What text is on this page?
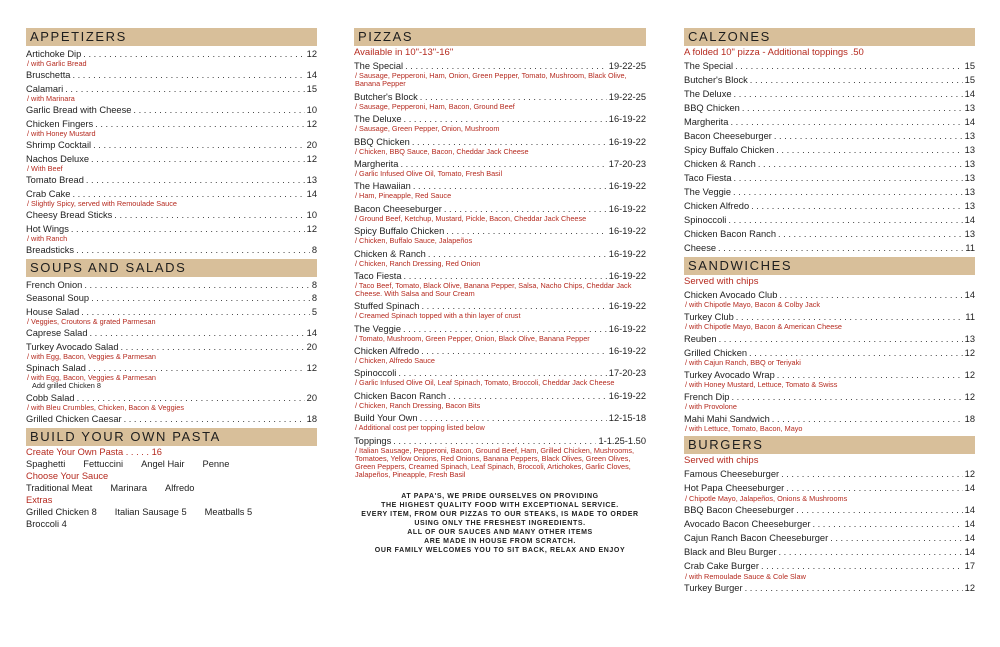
APPETIZERS
Artichoke Dip . . .	12
/ with Garlic Bread
Bruschetta . . .	14
Calamari . . .	15
/ with Marinara
Garlic Bread with Cheese . . .	10
Chicken Fingers . . .	12
/ with Honey Mustard
Shrimp Cocktail . . .	20
Nachos Deluxe . . .	12
/ With Beef
Tomato Bread . . .	13
Crab Cake . . .	14
/ Slightly Spicy, served with Remoulade Sauce
Cheesy Bread Sticks . . .	10
Hot Wings . . .	12
/ with Ranch
Breadsticks . . .	8
SOUPS AND SALADS
French Onion . . .	8
Seasonal Soup . . .	8
House Salad . . .	5
/ Veggies, Croutons & grated Parmesan
Caprese Salad . . .	14
Turkey Avocado Salad . . .	20
/ with Egg, Bacon, Veggies & Parmesan
Spinach Salad . . .	12
/ with Egg, Bacon, Veggies & Parmesan
Add grilled Chicken 8
Cobb Salad . . .	20
/ with Bleu Crumbles, Chicken, Bacon & Veggies
Grilled Chicken Caesar . . .	18
BUILD YOUR OWN PASTA
Create Your Own Pasta . . . . . 16
Spaghetti Fettuccini Angel Hair Penne
Choose Your Sauce
Traditional Meat Marinara Alfredo
Extras
Grilled Chicken 8 Italian Sausage 5 Meatballs 5
Broccoli 4
PIZZAS
Available in 10"-13"-16"
The Special . . .	19-22-25
/ Sausage, Pepperoni, Ham, Onion, Green Pepper, Tomato, Mushroom, Black Olive, Banana Pepper
Butcher's Block . . .	19-22-25
/ Sausage, Pepperoni, Ham, Bacon, Ground Beef
The Deluxe . . .	16-19-22
/ Sausage, Green Pepper, Onion, Mushroom
BBQ Chicken . . .	16-19-22
/ Chicken, BBQ Sauce, Bacon, Cheddar Jack Cheese
Margherita . . .	17-20-23
/ Garlic Infused Olive Oil, Tomato, Fresh Basil
The Hawaiian . . .	16-19-22
/ Ham, Pineapple, Red Sauce
Bacon Cheeseburger . . .	16-19-22
/ Ground Beef, Ketchup, Mustard, Pickle, Bacon, Cheddar Jack Cheese
Spicy Buffalo Chicken . . .	16-19-22
/ Chicken, Buffalo Sauce, Jalapeños
Chicken & Ranch . . .	16-19-22
/ Chicken, Ranch Dressing, Red Onion
Taco Fiesta . . .	16-19-22
/ Taco Beef, Tomato, Black Olive, Banana Pepper, Salsa, Nacho Chips, Cheddar Jack Cheese. With Salsa and Sour Cream
Stuffed Spinach . . .	16-19-22
/ Creamed Spinach topped with a thin layer of crust
The Veggie . . .	16-19-22
/ Tomato, Mushroom, Green Pepper, Onion, Black Olive, Banana Pepper
Chicken Alfredo . . .	16-19-22
/ Chicken, Alfredo Sauce
Spinoccoli . . .	17-20-23
/ Garlic Infused Olive Oil, Leaf Spinach, Tomato, Broccoli, Cheddar Jack Cheese
Chicken Bacon Ranch . . .	16-19-22
/ Chicken, Ranch Dressing, Bacon Bits
Build Your Own . . .	12-15-18
/ Additional cost per topping listed below
Toppings . . .	1-1.25-1.50
/ Italian Sausage, Pepperoni, Bacon, Ground Beef, Ham, Grilled Chicken, Mushrooms, Tomatoes, Yellow Onions, Red Onions, Banana Peppers, Black Olives, Green Olives, Green Peppers, Creamed Spinach, Leaf Spinach, Broccoli, Artichokes, Garlic Cloves, Jalapeños, Pineapple, Fresh Basil
AT PAPA'S, WE PRIDE OURSELVES ON PROVIDING
THE HIGHEST QUALITY FOOD WITH EXCEPTIONAL SERVICE.
EVERY ITEM, FROM OUR PIZZAS TO OUR STEAKS, IS MADE TO ORDER
USING ONLY THE FRESHEST INGREDIENTS.
ALL OF OUR SAUCES AND MANY OTHER ITEMS
ARE MADE IN HOUSE FROM SCRATCH.
OUR FAMILY WELCOMES YOU TO SIT BACK, RELAX AND ENJOY
CALZONES
A folded 10" pizza - Additional toppings .50
The Special . . .	15
Butcher's Block . . .	15
The Deluxe . . .	14
BBQ Chicken . . .	13
Margherita . . .	14
Bacon Cheeseburger . . .	13
Spicy Buffalo Chicken . . .	13
Chicken & Ranch . . .	13
Taco Fiesta . . .	13
The Veggie . . .	13
Chicken Alfredo . . .	13
Spinoccoli . . .	14
Chicken Bacon Ranch . . .	13
Cheese . . .	11
SANDWICHES
Served with chips
Chicken Avocado Club . . .	14
/ with Chipotle Mayo, Bacon & Colby Jack
Turkey Club . . .	11
/ with Chipotle Mayo, Bacon & American Cheese
Reuben . . .	13
Grilled Chicken . . .	12
/ with Cajun Ranch, BBQ or Teriyaki
Turkey Avocado Wrap . . .	12
/ with Honey Mustard, Lettuce, Tomato & Swiss
French Dip . . .	12
/ with Provolone
Mahi Mahi Sandwich . . .	18
/ with Lettuce, Tomato, Bacon, Mayo
BURGERS
Served with chips
Famous Cheeseburger . . .	12
Hot Papa Cheeseburger . . .	14
/ Chipotle Mayo, Jalapeños, Onions & Mushrooms
BBQ Bacon Cheeseburger . . .	14
Avocado Bacon Cheeseburger . . .	14
Cajun Ranch Bacon Cheeseburger . . .	14
Black and Bleu Burger . . .	14
Crab Cake Burger . . .	17
/ with Remoulade Sauce & Cole Slaw
Turkey Burger . . .	12
